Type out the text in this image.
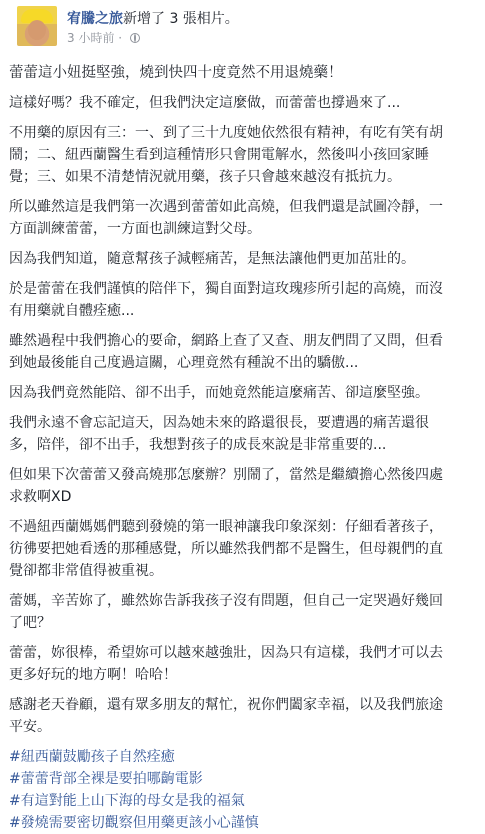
宥騰之旅新增了 3 張相片。
3 小時前 ·
蕾蕾這小妞挺堅強，燒到快四十度竟然不用退燒藥！
這樣好嗎？我不確定，但我們決定這麼做，而蕾蕾也撐過來了...
不用藥的原因有三：一、到了三十九度她依然很有精神，有吃有笑有胡
鬧；二、紐西蘭醫生看到這種情形只會開電解水，然後叫小孩回家睡
覺；三、如果不清楚情況就用藥，孩子只會越來越沒有抵抗力。
所以雖然這是我們第一次遇到蕾蕾如此高燒，但我們還是試圖冷靜，一
方面訓練蕾蕾，一方面也訓練這對父母。
因為我們知道，隨意幫孩子減輕痛苦，是無法讓他們更加茁壯的。
於是蕾蕾在我們謹慎的陪伴下，獨自面對這玫瑰疹所引起的高燒，而沒
有用藥就自體痊癒...
雖然過程中我們擔心的要命，網路上查了又查、朋友們問了又問，但看
到她最後能自己度過這關，心理竟然有種說不出的驕傲...
因為我們竟然能陪、卻不出手，而她竟然能這麼痛苦、卻這麼堅強。
我們永遠不會忘記這天，因為她未來的路還很長，要遭遇的痛苦還很
多，陪伴，卻不出手，我想對孩子的成長來說是非常重要的...
但如果下次蕾蕾又發高燒那怎麼辦？別鬧了，當然是繼續擔心然後四處
求救啊XD
不過紐西蘭媽媽們聽到發燒的第一眼神讓我印象深刻：仔細看著孩子，
彷彿要把她看透的那種感覺，所以雖然我們都不是醫生，但母親們的直
覺卻都非常值得被重視。
蕾媽，辛苦妳了，雖然妳告訴我孩子沒有問題，但自己一定哭過好幾回
了吧？
蕾蕾，妳很棒，希望妳可以越來越強壯，因為只有這樣，我們才可以去
更多好玩的地方啊！哈哈！
感謝老天眷顧，還有眾多朋友的幫忙，祝你們闔家幸福，以及我們旅途
平安。
#紐西蘭鼓勵孩子自然痊癒
#蕾蕾背部全裸是要拍哪齣電影
#有這對能上山下海的母女是我的福氣
#發燒需要密切觀察但用藥更該小心謹慎
